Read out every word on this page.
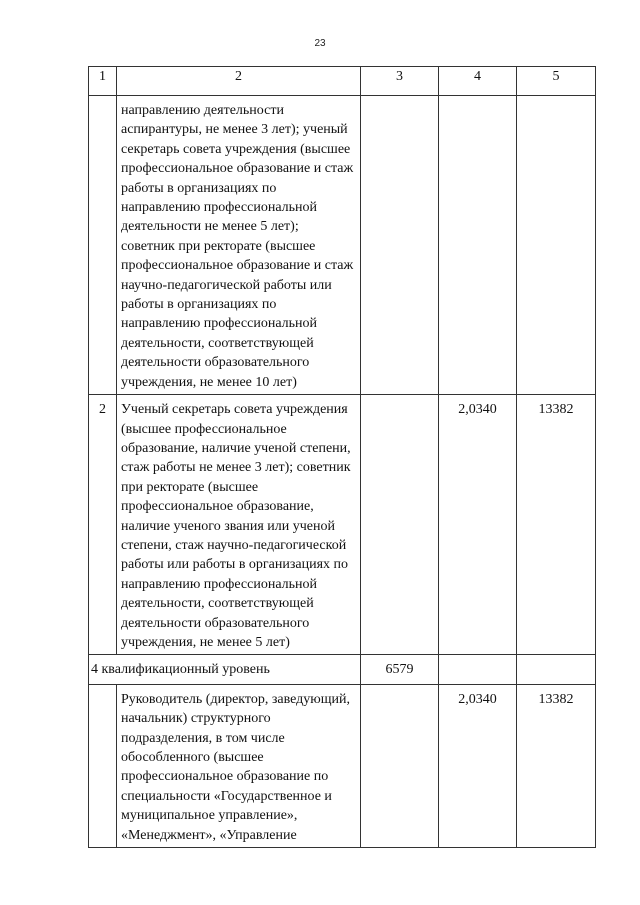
23
1	2	3	4	5
	направлению деятельности аспирантуры, не менее 3 лет); ученый секретарь совета учреждения (высшее профессиональное образование и стаж работы в организациях по направлению профессиональной деятельности не менее 5 лет); советник при ректорате (высшее профессиональное образование и стаж научно-педагогической работы или работы в организациях по направлению профессиональной деятельности, соответствующей деятельности образовательного учреждения, не менее 10 лет)			
2	Ученый секретарь совета учреждения (высшее профессиональное образование, наличие ученой степени, стаж работы не менее 3 лет); советник при ректорате (высшее профессиональное образование, наличие ученого звания или ученой степени, стаж научно-педагогической работы или работы в организациях по направлению профессиональной деятельности, соответствующей деятельности образовательного учреждения, не менее 5 лет)		2,0340	13382
4 квалификационный уровень		6579		
	Руководитель (директор, заведующий, начальник) структурного подразделения, в том числе обособленного (высшее профессиональное образование по специальности «Государственное и муниципальное управление», «Менеджмент», «Управление		2,0340	13382
